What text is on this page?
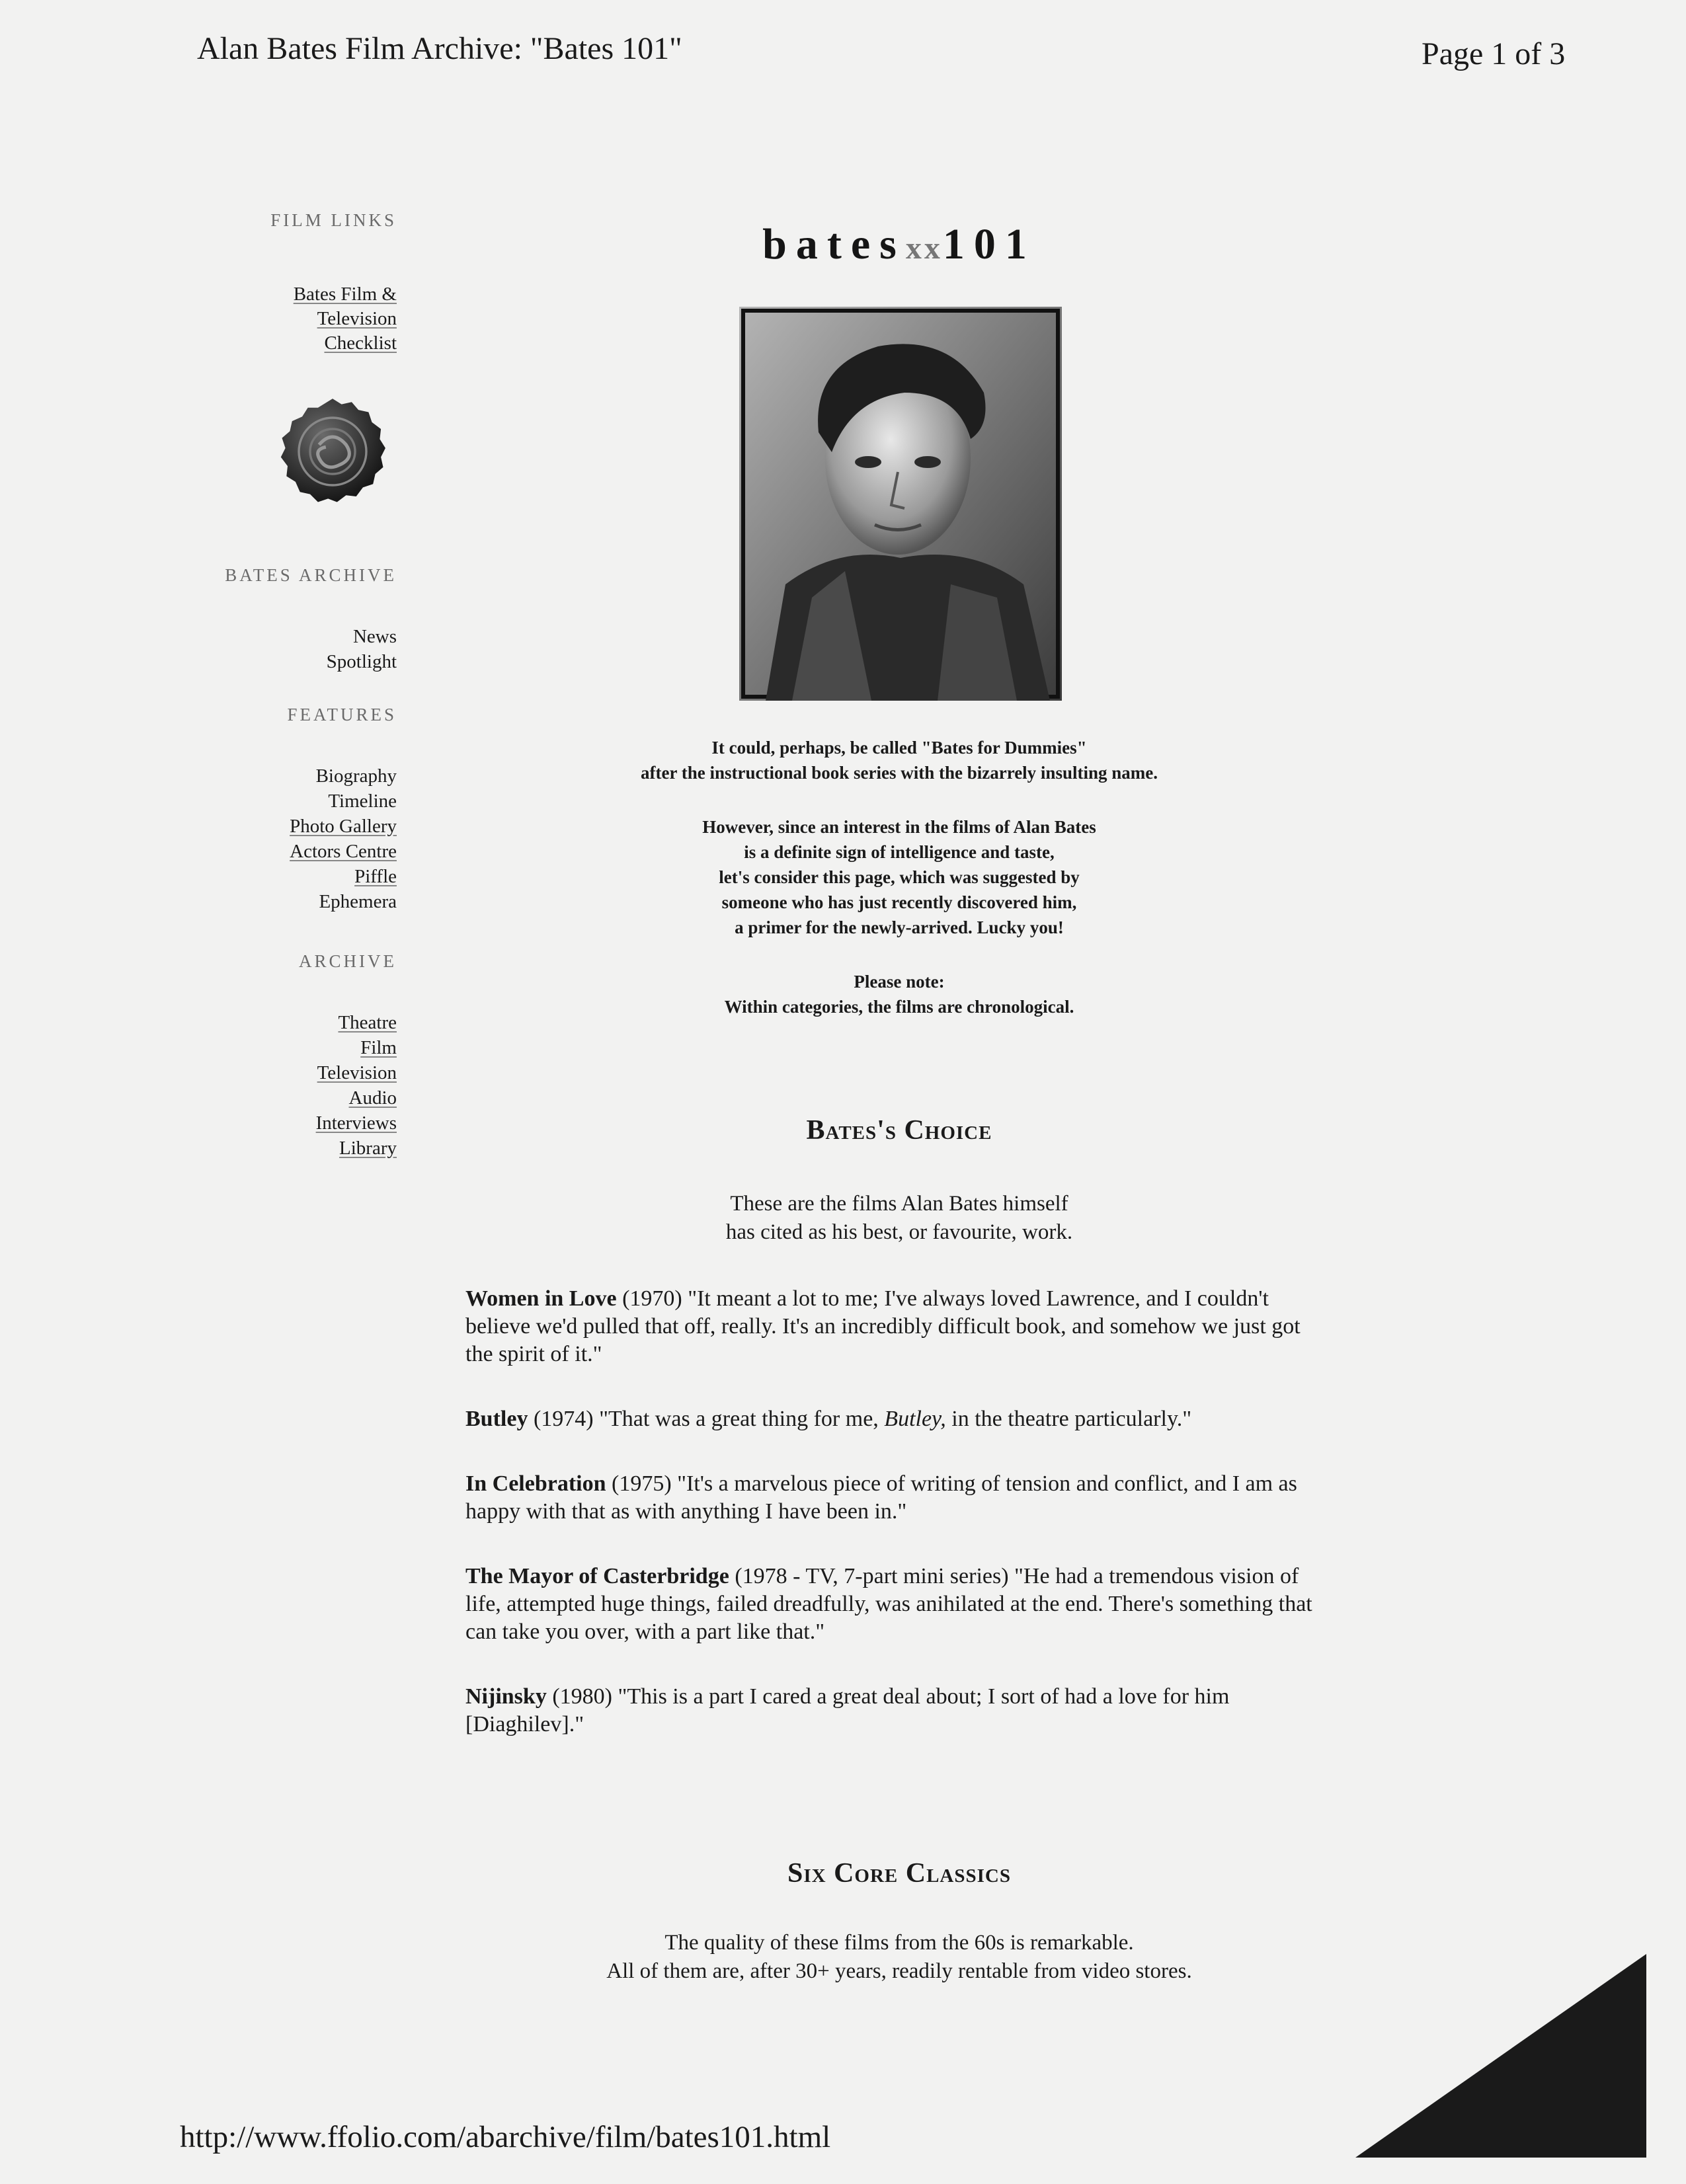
Alan Bates Film Archive: "Bates 101"	Page 1 of 3
FILM LINKS
Bates Film & Television Checklist
BATES ARCHIVE
News
Spotlight
FEATURES
Biography
Timeline
Photo Gallery
Actors Centre
Piffle
Ephemera
ARCHIVE
Theatre
Film
Television
Audio
Interviews
Library
batesxx101

It could, perhaps, be called "Bates for Dummies"
after the instructional book series with the bizarrely insulting name.

However, since an interest in the films of Alan Bates
is a definite sign of intelligence and taste,
let's consider this page, which was suggested by
someone who has just recently discovered him,
a primer for the newly-arrived. Lucky you!

Please note:
Within categories, the films are chronological.

Bates's Choice
These are the films Alan Bates himself
has cited as his best, or favourite, work.
Women in Love (1970) "It meant a lot to me; I've always loved Lawrence, and I couldn't believe we'd pulled that off, really. It's an incredibly difficult book, and somehow we just got the spirit of it."
Butley (1974) "That was a great thing for me, Butley, in the theatre particularly."
In Celebration (1975) "It's a marvelous piece of writing of tension and conflict, and I am as happy with that as with anything I have been in."
The Mayor of Casterbridge (1978 - TV, 7-part mini series) "He had a tremendous vision of life, attempted huge things, failed dreadfully, was anihilated at the end. There's something that can take you over, with a part like that."
Nijinsky (1980) "This is a part I cared a great deal about; I sort of had a love for him [Diaghilev]."
Six Core Classics
The quality of these films from the 60s is remarkable.
All of them are, after 30+ years, readily rentable from video stores.
http://www.ffolio.com/abarchive/film/bates101.html
